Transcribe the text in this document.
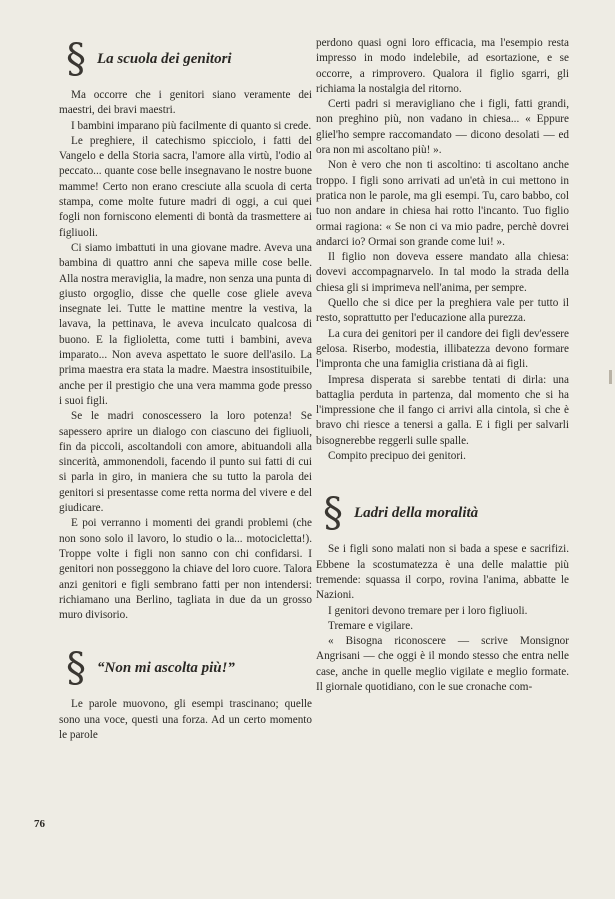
§ La scuola dei genitori

Ma occorre che i genitori siano veramente dei maestri, dei bravi maestri.

I bambini imparano più facilmente di quanto si crede.

Le preghiere, il catechismo spicciolo, i fatti del Vangelo e della Storia sacra, l'amore alla virtù, l'odio al peccato... quante cose belle insegnavano le nostre buone mamme! Certo non erano cresciute alla scuola di certa stampa, come molte future madri di oggi, a cui quei fogli non forniscono elementi di bontà da trasmettere ai figliuoli.

Ci siamo imbattuti in una giovane madre. Aveva una bambina di quattro anni che sapeva mille cose belle. Alla nostra meraviglia, la madre, non senza una punta di giusto orgoglio, disse che quelle cose gliele aveva insegnate lei. Tutte le mattine mentre la vestiva, la lavava, la pettinava, le aveva inculcato qualcosa di buono. E la figlioletta, come tutti i bambini, aveva imparato... Non aveva aspettato le suore dell'asilo. La prima maestra era stata la madre. Maestra insostituibile, anche per il prestigio che una vera mamma gode presso i suoi figli.

Se le madri conoscessero la loro potenza! Se sapessero aprire un dialogo con ciascuno dei figliuoli, fin da piccoli, ascoltandoli con amore, abituandoli alla sincerità, ammonendoli, facendo il punto sui fatti di cui si parla in giro, in maniera che su tutto la parola dei genitori si presentasse come retta norma del vivere e del giudicare.

E poi verranno i momenti dei grandi problemi (che non sono solo il lavoro, lo studio o la... motocicletta!). Troppe volte i figli non sanno con chi confidarsi. I genitori non posseggono la chiave del loro cuore. Talora anzi genitori e figli sembrano fatti per non intendersi: richiamano una Berlino, tagliata in due da un grosso muro divisorio.

§ “Non mi ascolta più!”

Le parole muovono, gli esempi trascinano; quelle sono una voce, questi una forza. Ad un certo momento le parole

perdono quasi ogni loro efficacia, ma l'esempio resta impresso in modo indelebile, ad esortazione, e se occorre, a rimprovero. Qualora il figlio sgarri, gli richiama la nostalgia del ritorno.

Certi padri si meravigliano che i figli, fatti grandi, non preghino più, non vadano in chiesa... « Eppure gliel'ho sempre raccomandato — dicono desolati — ed ora non mi ascoltano più! ».

Non è vero che non ti ascoltino: ti ascoltano anche troppo. I figli sono arrivati ad un'età in cui mettono in pratica non le parole, ma gli esempi. Tu, caro babbo, col tuo non andare in chiesa hai rotto l'incanto. Tuo figlio ormai ragiona: « Se non ci va mio padre, perchè dovrei andarci io? Ormai son grande come lui! ».

Il figlio non doveva essere mandato alla chiesa: dovevi accompagnarvelo. In tal modo la strada della chiesa gli si imprimeva nell'anima, per sempre.

Quello che si dice per la preghiera vale per tutto il resto, soprattutto per l'educazione alla purezza.

La cura dei genitori per il candore dei figli dev'essere gelosa. Riserbo, modestia, illibatezza devono formare l'impronta che una famiglia cristiana dà ai figli.

Impresa disperata si sarebbe tentati di dirla: una battaglia perduta in partenza, dal momento che si ha l'impressione che il fango ci arrivi alla cintola, sì che è bravo chi riesce a tenersi a galla. E i figli per salvarli bisognerebbe reggerli sulle spalle.

Compito precipuo dei genitori.

§ Ladri della moralità

Se i figli sono malati non si bada a spese e sacrifizi. Ebbene la scostumatezza è una delle malattie più tremende: squassa il corpo, rovina l'anima, abbatte le Nazioni.

I genitori devono tremare per i loro figliuoli.

Tremare e vigilare.

« Bisogna riconoscere — scrive Monsignor Angrisani — che oggi è il mondo stesso che entra nelle case, anche in quelle meglio vigilate e meglio formate. Il giornale quotidiano, con le sue cronache com-

76
